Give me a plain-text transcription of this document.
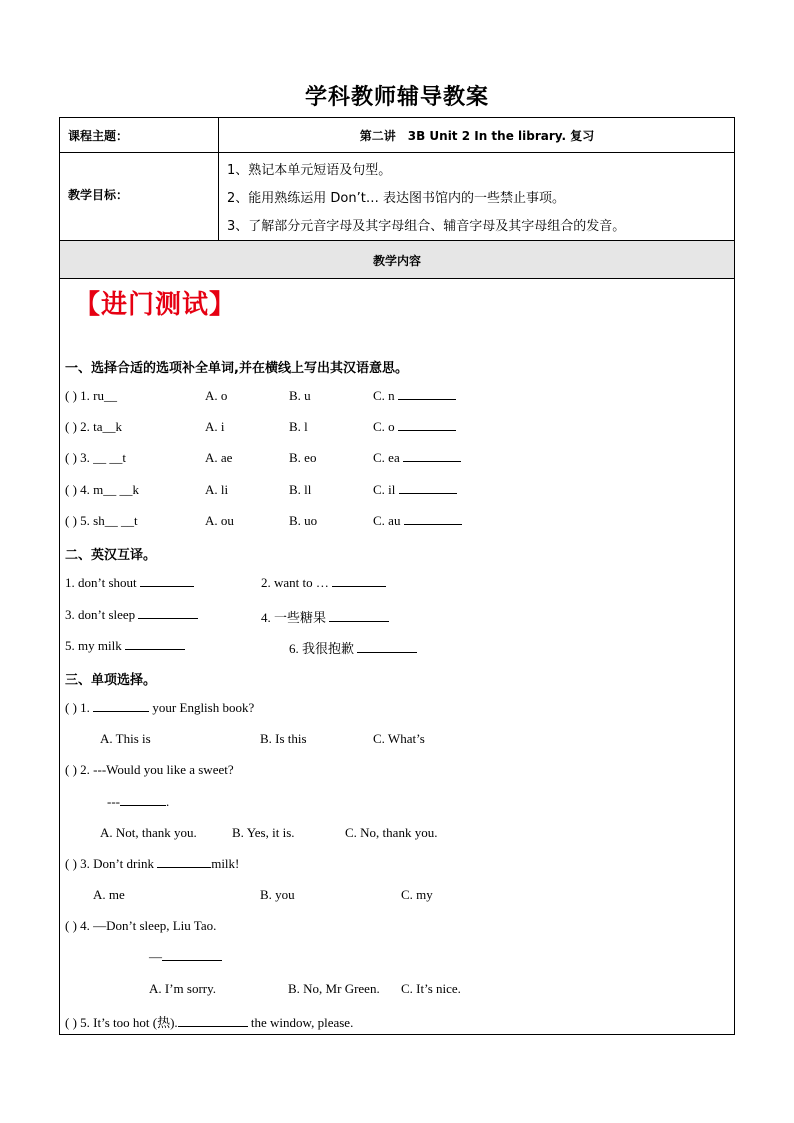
学科教师辅导教案
课程主题：	第二讲　3B Unit 2 In the library. 复习
教学目标：
1、熟记本单元短语及句型。
2、能用熟练运用 Don’t… 表达图书馆内的一些禁止事项。
3、了解部分元音字母及其字母组合、辅音字母及其字母组合的发音。
教学内容
【进门测试】
一、选择合适的选项补全单词,并在横线上写出其汉语意思。
( ) 1. ru__	A. o	B. u	C. n
( ) 2. ta__k	A. i	B. l	C. o
( ) 3. __ __t	A. ae	B. eo	C. ea
( ) 4. m__ __k	A. li	B. ll	C. il
( ) 5. sh__ __t	A. ou	B. uo	C. au
二、英汉互译。
1. don’t shout	2. want to …
3. don’t sleep	4. 一些糖果
5. my milk	6. 我很抱歉
三、单项选择。
( ) 1.	your English book?
A. This is	B. Is this	C. What’s
( ) 2. ---Would you like a sweet?
---	.
A. Not, thank you.	B. Yes, it is.	C. No, thank you.
( ) 3. Don’t drink	milk!
A. me	B. you	C. my
( ) 4. —Don’t sleep, Liu Tao.
—
A. I’m sorry.	B. No, Mr Green. C. It’s nice.
( ) 5. It’s too hot (热).	the window, please.
